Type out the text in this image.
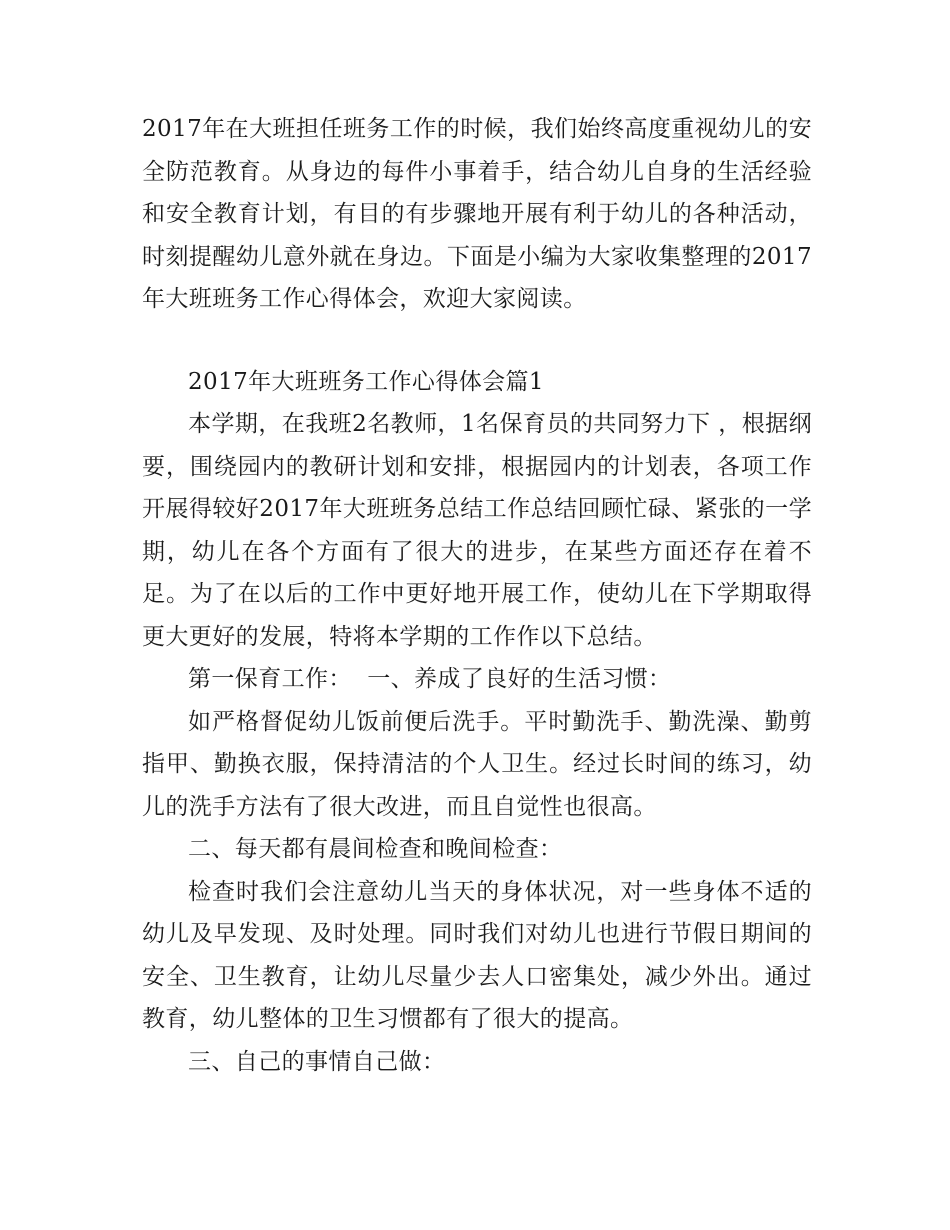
2017年在大班担任班务工作的时候，我们始终高度重视幼儿的安全防范教育。从身边的每件小事着手，结合幼儿自身的生活经验和安全教育计划，有目的有步骤地开展有利于幼儿的各种活动，时刻提醒幼儿意外就在身边。下面是小编为大家收集整理的2017年大班班务工作心得体会，欢迎大家阅读。

2017年大班班务工作心得体会篇1

本学期，在我班2名教师，1名保育员的共同努力下 ，根据纲要，围绕园内的教研计划和安排，根据园内的计划表，各项工作开展得较好2017年大班班务总结工作总结回顾忙碌、紧张的一学期，幼儿在各个方面有了很大的进步，在某些方面还存在着不足。为了在以后的工作中更好地开展工作，使幼儿在下学期取得更大更好的发展，特将本学期的工作作以下总结。

第一保育工作：  一、养成了良好的生活习惯：

如严格督促幼儿饭前便后洗手。平时勤洗手、勤洗澡、勤剪指甲、勤换衣服，保持清洁的个人卫生。经过长时间的练习，幼儿的洗手方法有了很大改进，而且自觉性也很高。

二、每天都有晨间检查和晚间检查：

检查时我们会注意幼儿当天的身体状况，对一些身体不适的幼儿及早发现、及时处理。同时我们对幼儿也进行节假日期间的安全、卫生教育，让幼儿尽量少去人口密集处，减少外出。通过教育，幼儿整体的卫生习惯都有了很大的提高。

三、自己的事情自己做：
